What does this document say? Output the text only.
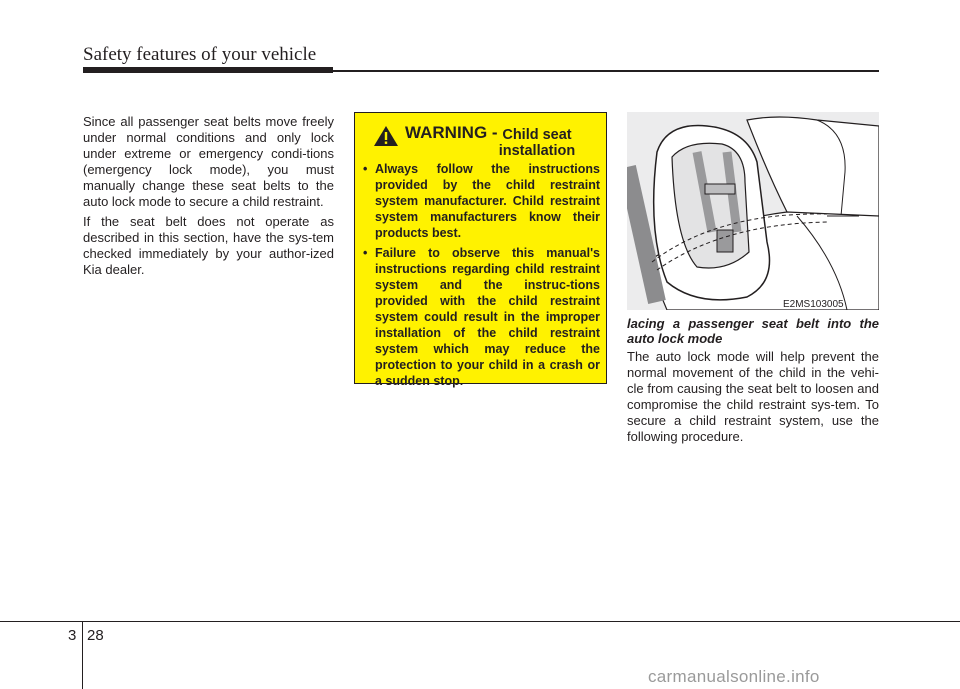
Safety features of your vehicle

Since all passenger seat belts move freely under normal conditions and only lock under extreme or emergency condi-tions (emergency lock mode), you must manually change these seat belts to the auto lock mode to secure a child restraint.

If the seat belt does not operate as described in this section, have the sys-tem checked immediately by your author-ized Kia dealer.

WARNING - Child seat installation
• Always follow the instructions provided by the child restraint system manufacturer. Child restraint system manufacturers know their products best.
• Failure to observe this manual's instructions regarding child restraint system and the instruc-tions provided with the child restraint system could result in the improper installation of the child restraint system which may reduce the protection to your child in a crash or a sudden stop.
E2MS103005
lacing a passenger seat belt into the auto lock mode

The auto lock mode will help prevent the normal movement of the child in the vehi-cle from causing the seat belt to loosen and compromise the child restraint sys-tem. To secure a child restraint system, use the following procedure.

3 28
carmanualsonline.info
